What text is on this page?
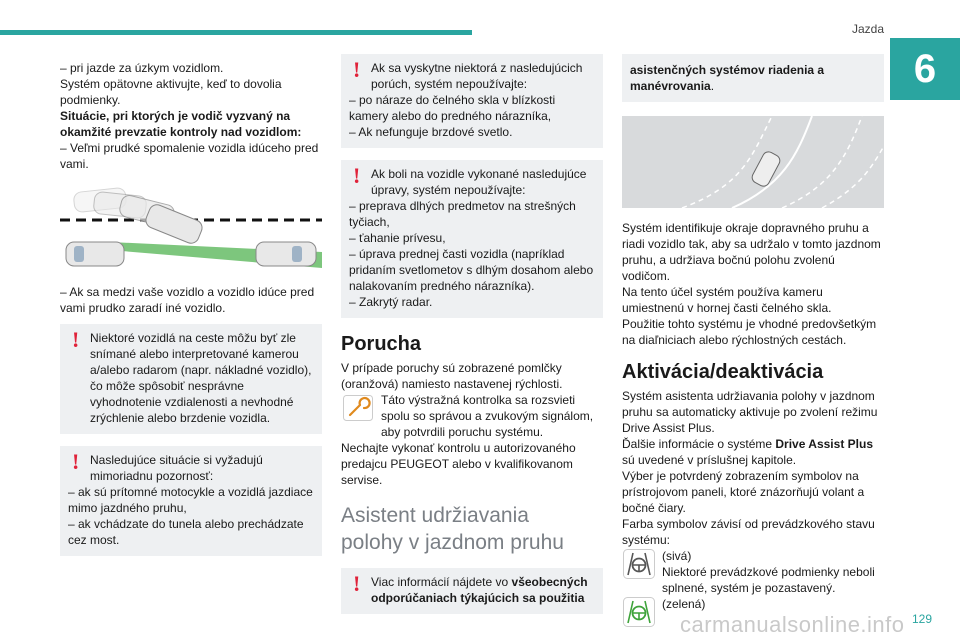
Jazda
6

– pri jazde za úzkym vozidlom.

Systém opätovne aktivujte, keď to dovolia podmienky.

Situácie, pri ktorých je vodič vyzvaný na okamžité prevzatie kontroly nad vozidlom:

– Veľmi prudké spomalenie vozidla idúceho pred vami.

– Ak sa medzi vaše vozidlo a vozidlo idúce pred vami prudko zaradí iné vozidlo.

! Niektoré vozidlá na ceste môžu byť zle

snímané alebo interpretované kamerou a/alebo radarom (napr. nákladné vozidlo), čo môže spôsobiť nesprávne vyhodnotenie vzdialenosti a nevhodné zrýchlenie alebo brzdenie vozidla.

! Nasledujúce situácie si vyžadujú

mimoriadnu pozornosť:

– ak sú prítomné motocykle a vozidlá jazdiace mimo jazdného pruhu,

– ak vchádzate do tunela alebo prechádzate cez most.

! Ak sa vyskytne niektorá z nasledujúcich

porúch, systém nepoužívajte:

– po náraze do čelného skla v blízkosti kamery alebo do predného nárazníka,

– Ak nefunguje brzdové svetlo.

! Ak boli na vozidle vykonané nasledujúce

úpravy, systém nepoužívajte:

– preprava dlhých predmetov na strešných tyčiach,

– ťahanie prívesu,

– úprava prednej časti vozidla (napríklad pridaním svetlometov s dlhým dosahom alebo nalakovaním predného nárazníka).

– Zakrytý radar.

Porucha

V prípade poruchy sú zobrazené pomlčky (oranžová) namiesto nastavenej rýchlosti.

Táto výstražná kontrolka sa rozsvieti spolu so správou a zvukovým signálom, aby potvrdili poruchu systému.

Nechajte vykonať kontrolu u autorizovaného predajcu PEUGEOT alebo v kvalifikovanom servise.

Asistent udržiavania polohy v jazdnom pruhu
! Viac informácií nájdete vo všeobecných odporúčaniach týkajúcich sa použitia

asistenčných systémov riadenia a manévrovania.

Systém identifikuje okraje dopravného pruhu a riadi vozidlo tak, aby sa udržalo v tomto jazdnom pruhu, a udržiava bočnú polohu zvolenú vodičom.

Na tento účel systém používa kameru umiestnenú v hornej časti čelného skla.

Použitie tohto systému je vhodné predovšetkým na diaľniciach alebo rýchlostných cestách.

Aktivácia/deaktivácia

Systém asistenta udržiavania polohy v jazdnom pruhu sa automaticky aktivuje po zvolení režimu Drive Assist Plus.

Ďalšie informácie o systéme Drive Assist Plus sú uvedené v príslušnej kapitole.

Výber je potvrdený zobrazením symbolov na prístrojovom paneli, ktoré znázorňujú volant a bočné čiary.

Farba symbolov závisí od prevádzkového stavu systému:

(sivá)

Niektoré prevádzkové podmienky neboli splnené, systém je pozastavený.

(zelená)

carmanualsonline.info 129
